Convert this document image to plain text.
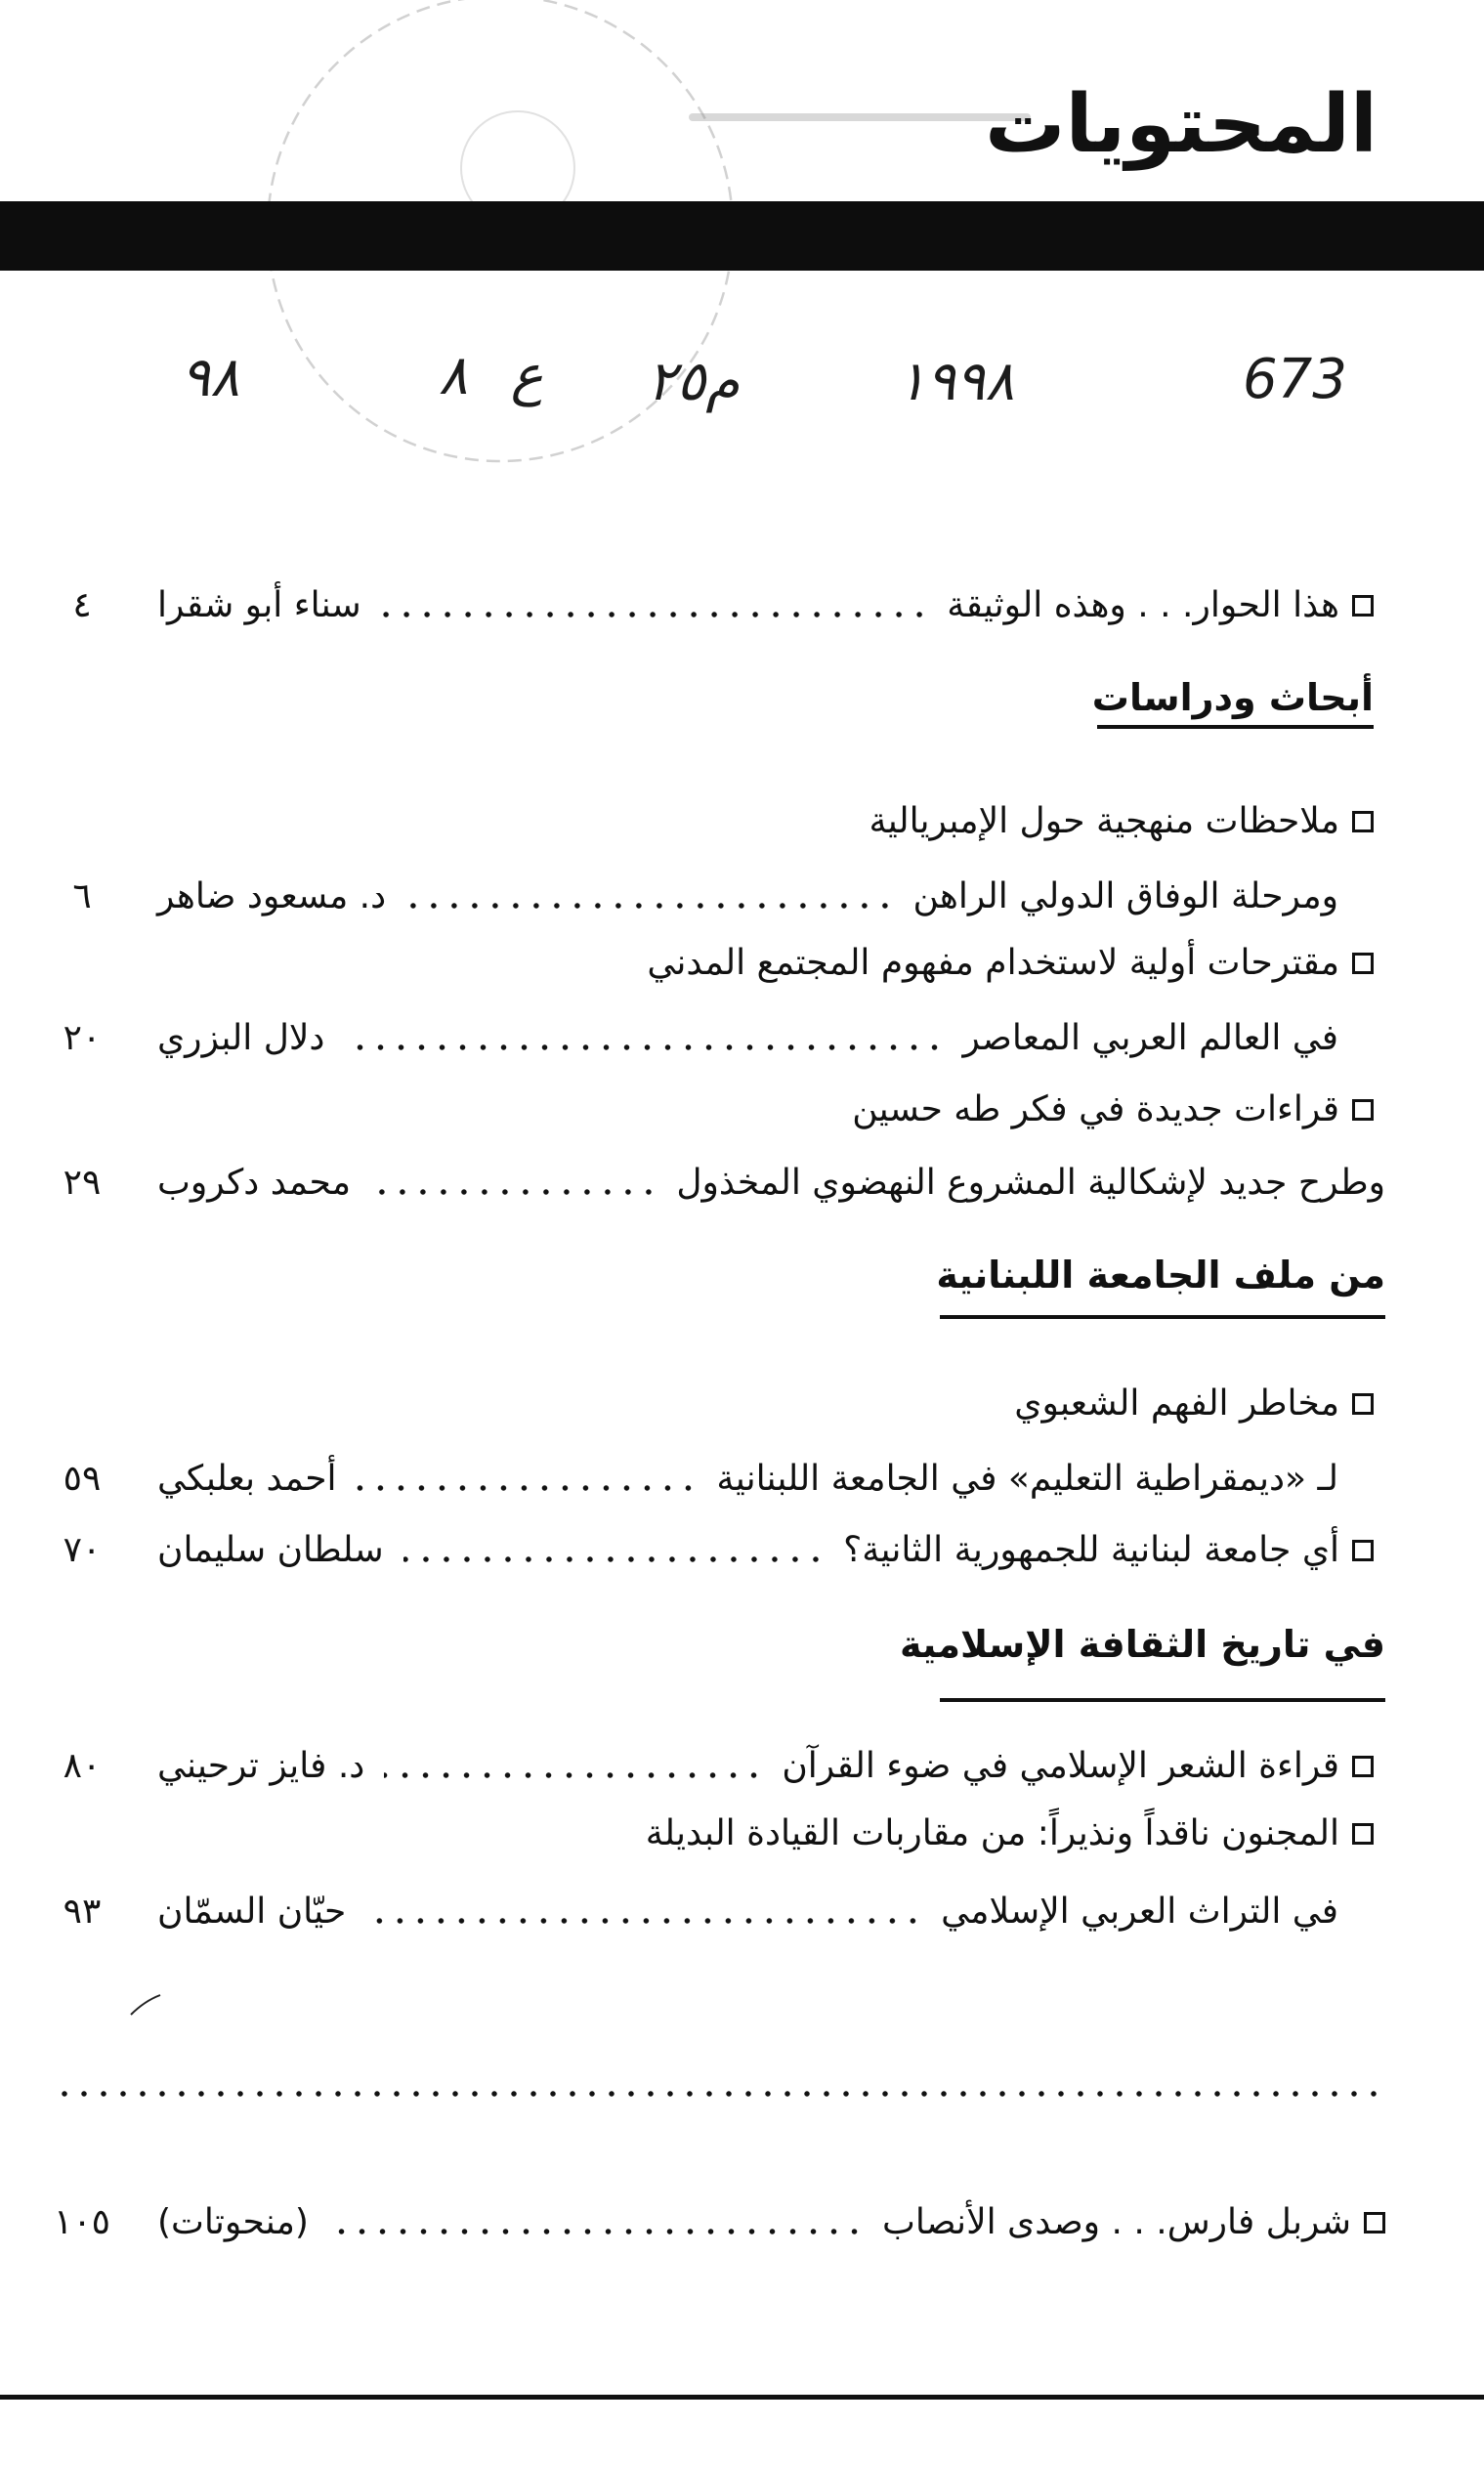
المحتويات
673
١٩٩٨
م٢٥
ع ٨
٩٨
هذا الحوار. . . وهذه الوثيقة
سناء أبو شقرا
٤
أبحاث ودراسات
ملاحظات منهجية حول الإمبريالية
ومرحلة الوفاق الدولي الراهن
د. مسعود ضاهر
٦
مقترحات أولية لاستخدام مفهوم المجتمع المدني
في العالم العربي المعاصر
دلال البزري
٢٠
قراءات جديدة في فكر طه حسين
وطرح جديد لإشكالية المشروع النهضوي المخذول
محمد دكروب
٢٩
من ملف الجامعة اللبنانية
مخاطر الفهم الشعبوي
لـ «ديمقراطية التعليم» في الجامعة اللبنانية
أحمد بعلبكي
٥٩
أي جامعة لبنانية للجمهورية الثانية؟
سلطان سليمان
٧٠
في تاريخ الثقافة الإسلامية
قراءة الشعر الإسلامي في ضوء القرآن
د. فايز ترحيني
٨٠
المجنون ناقداً ونذيراً: من مقاربات القيادة البديلة
في التراث العربي الإسلامي
حيّان السمّان
٩٣
شربل فارس. . . وصدى الأنصاب
(منحوتات)
١٠٥
